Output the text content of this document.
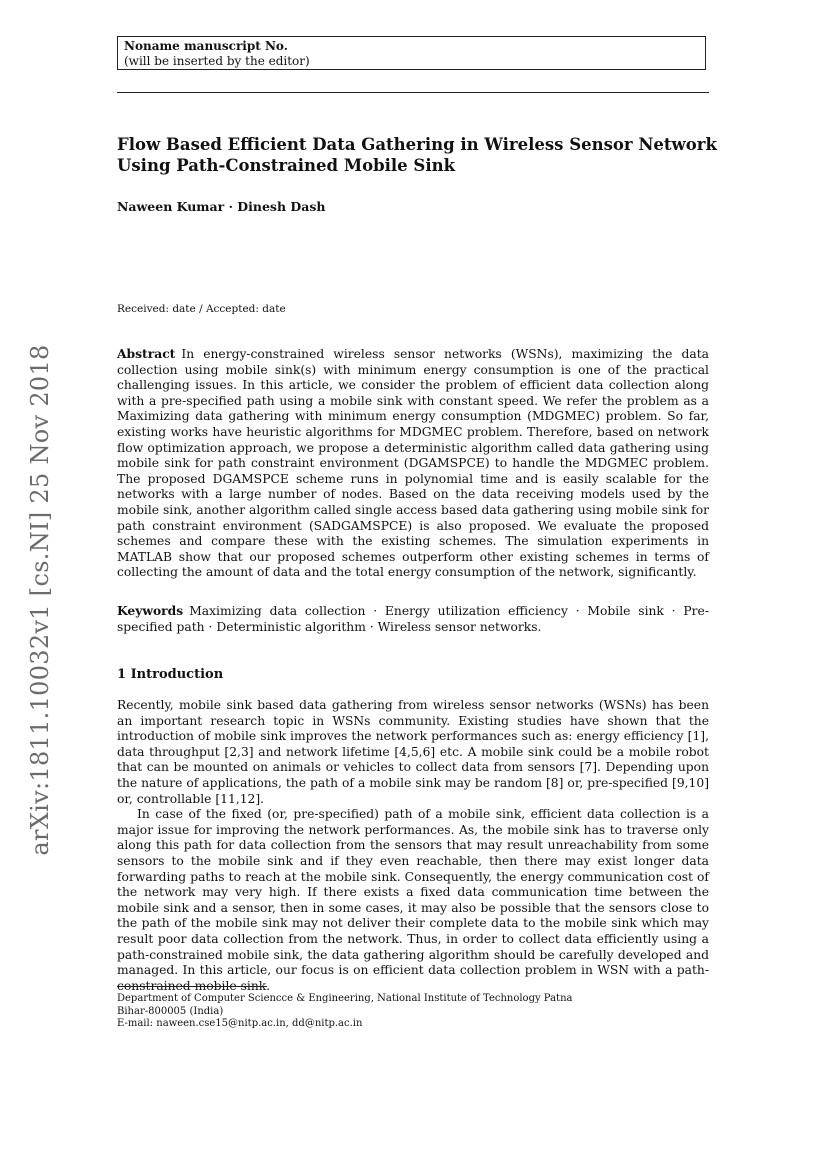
arXiv:1811.10032v1 [cs.NI] 25 Nov 2018
Noname manuscript No.
(will be inserted by the editor)
Flow Based Efficient Data Gathering in Wireless Sensor Network Using Path-Constrained Mobile Sink
Naween Kumar · Dinesh Dash
Received: date / Accepted: date
Abstract In energy-constrained wireless sensor networks (WSNs), maximizing the data collection using mobile sink(s) with minimum energy consumption is one of the practical challenging issues. In this article, we consider the problem of efficient data collection along with a pre-specified path using a mobile sink with constant speed. We refer the problem as a Maximizing data gathering with minimum energy consumption (MDGMEC) problem. So far, existing works have heuristic algorithms for MDGMEC problem. Therefore, based on network flow optimization approach, we propose a deterministic algorithm called data gathering using mobile sink for path constraint environment (DGAMSPCE) to handle the MDGMEC problem. The proposed DGAMSPCE scheme runs in polynomial time and is easily scalable for the networks with a large number of nodes. Based on the data receiving models used by the mobile sink, another algorithm called single access based data gathering using mobile sink for path constraint environment (SADGAMSPCE) is also proposed. We evaluate the proposed schemes and compare these with the existing schemes. The simulation experiments in MATLAB show that our proposed schemes outperform other existing schemes in terms of collecting the amount of data and the total energy consumption of the network, significantly.
Keywords Maximizing data collection · Energy utilization efficiency · Mobile sink · Pre-specified path · Deterministic algorithm · Wireless sensor networks.
1 Introduction
Recently, mobile sink based data gathering from wireless sensor networks (WSNs) has been an important research topic in WSNs community. Existing studies have shown that the introduction of mobile sink improves the network performances such as: energy efficiency [1], data throughput [2,3] and network lifetime [4,5,6] etc. A mobile sink could be a mobile robot that can be mounted on animals or vehicles to collect data from sensors [7]. Depending upon the nature of applications, the path of a mobile sink may be random [8] or, pre-specified [9,10] or, controllable [11,12].
In case of the fixed (or, pre-specified) path of a mobile sink, efficient data collection is a major issue for improving the network performances. As, the mobile sink has to traverse only along this path for data collection from the sensors that may result unreachability from some sensors to the mobile sink and if they even reachable, then there may exist longer data forwarding paths to reach at the mobile sink. Consequently, the energy communication cost of the network may very high. If there exists a fixed data communication time between the mobile sink and a sensor, then in some cases, it may also be possible that the sensors close to the path of the mobile sink may not deliver their complete data to the mobile sink which may result poor data collection from the network. Thus, in order to collect data efficiently using a path-constrained mobile sink, the data gathering algorithm should be carefully developed and managed. In this article, our focus is on efficient data collection problem in WSN with a path-constrained mobile sink.
Department of Computer Sciencce & Engineering, National Institute of Technology Patna
Bihar-800005 (India)
E-mail: naween.cse15@nitp.ac.in, dd@nitp.ac.in
